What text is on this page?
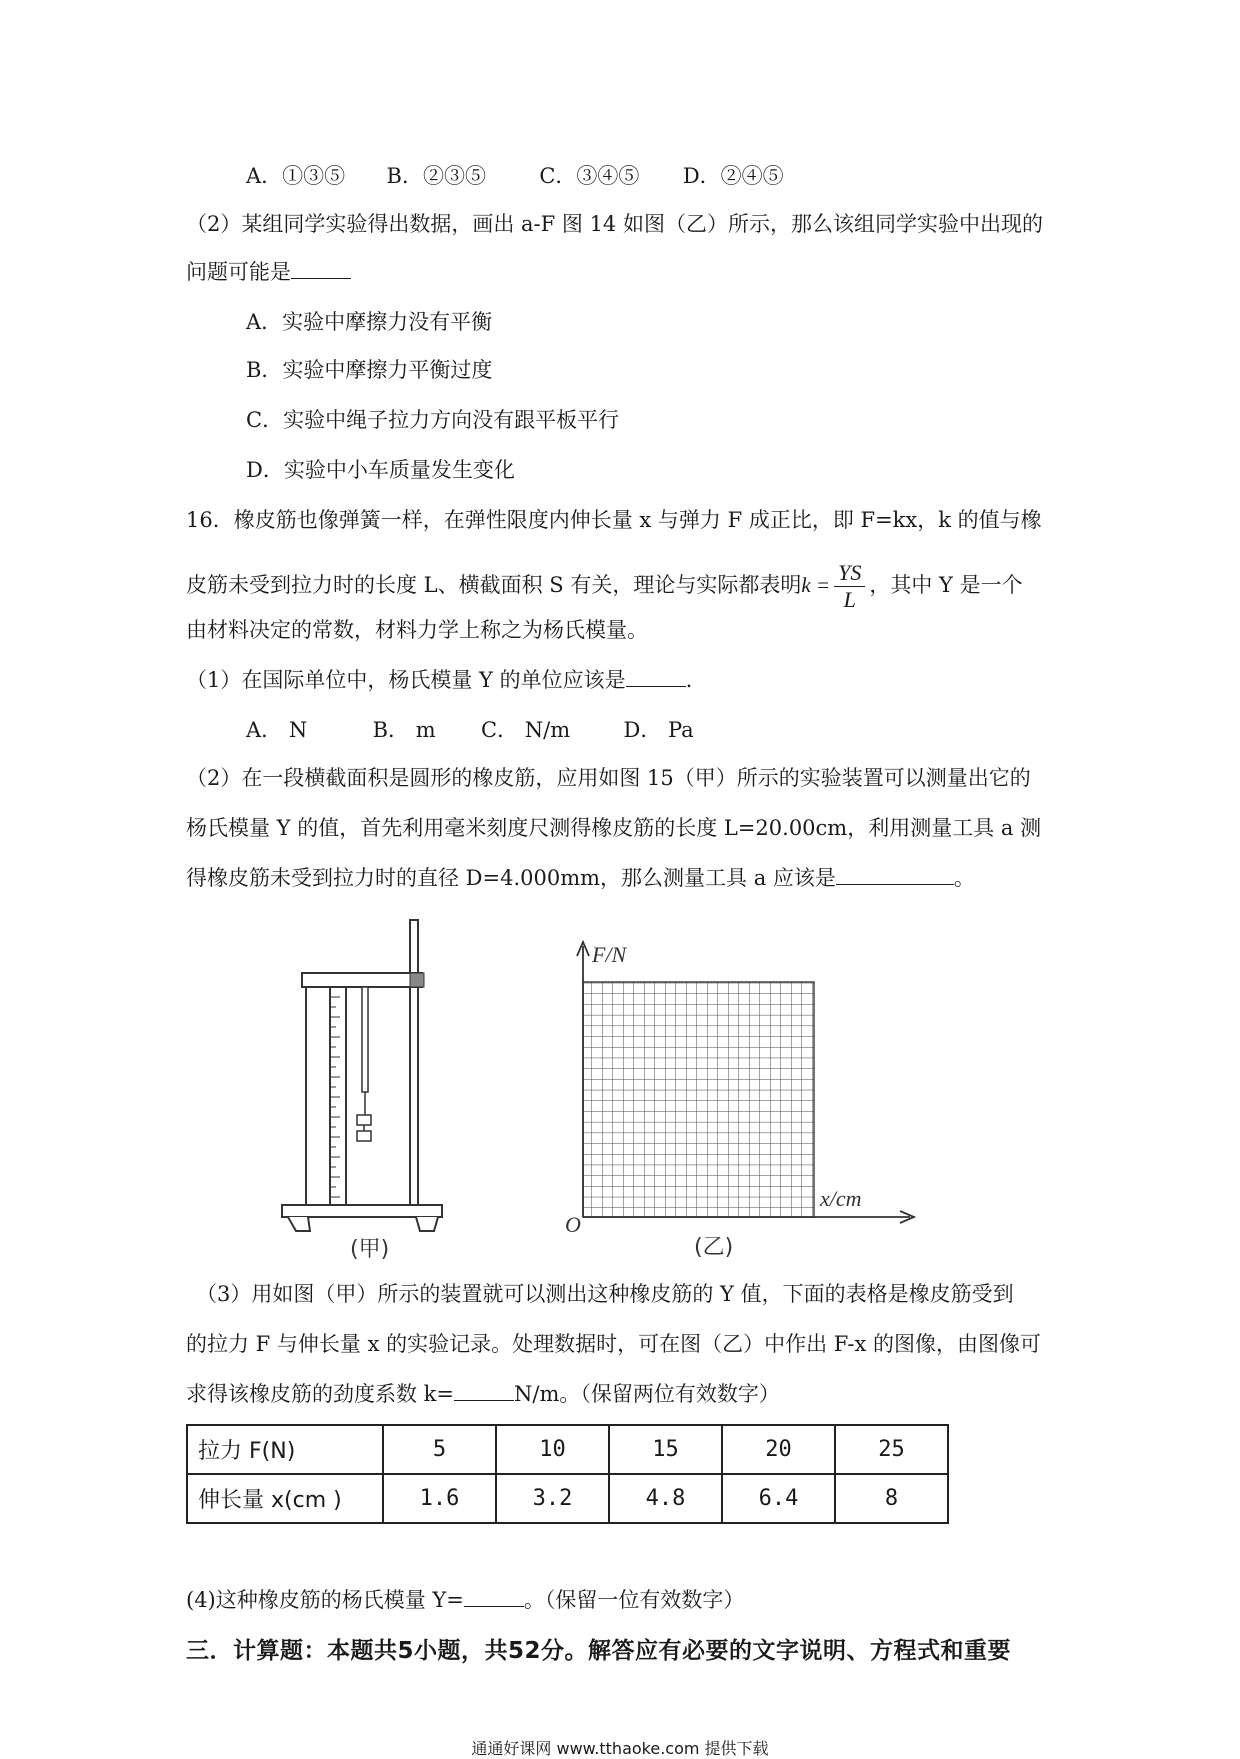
A．①③⑤ B．②③⑤	C．③④⑤ D．②④⑤
（2）某组同学实验得出数据，画出 a-F 图 14 如图（乙）所示，那么该组同学实验中出现的
问题可能是
A．实验中摩擦力没有平衡
B．实验中摩擦力平衡过度
C．实验中绳子拉力方向没有跟平板平行
D．实验中小车质量发生变化
16．橡皮筋也像弹簧一样，在弹性限度内伸长量 x 与弹力 F 成正比，即 F=kx，k 的值与橡
皮筋未受到拉力时的长度 L、横截面积 S 有关，理论与实际都表明$k = \frac{YS}{L}$ ，其中 Y 是一个
由材料决定的常数，材料力学上称之为杨氏模量。
（1）在国际单位中，杨氏模量 Y 的单位应该是	.
A． N	B． m C． N/m	D． Pa
（2）在一段横截面积是圆形的橡皮筋，应用如图 15（甲）所示的实验装置可以测量出它的
杨氏模量 Y 的值，首先利用毫米刻度尺测得橡皮筋的长度 L=20.00cm，利用测量工具 a 测
得橡皮筋未受到拉力时的直径 D=4.000mm，那么测量工具 a 应该是	。
(甲)
F/N
x/cm
O
(乙)
（3）用如图（甲）所示的装置就可以测出这种橡皮筋的 Y 值，下面的表格是橡皮筋受到
的拉力 F 与伸长量 x 的实验记录。处理数据时，可在图（乙）中作出 F-x 的图像，由图像可
求得该橡皮筋的劲度系数 k=	N/m。（保留两位有效数字）
拉力 F(N)	5	10	15	20	25
伸长量 x(cm )	1.6	3.2	4.8	6.4	8
(4)这种橡皮筋的杨氏模量 Y=	。（保留一位有效数字）
三．计算题：本题共5小题，共52分。解答应有必要的文字说明、方程式和重要
通通好课网 www.tthaoke.com 提供下载
